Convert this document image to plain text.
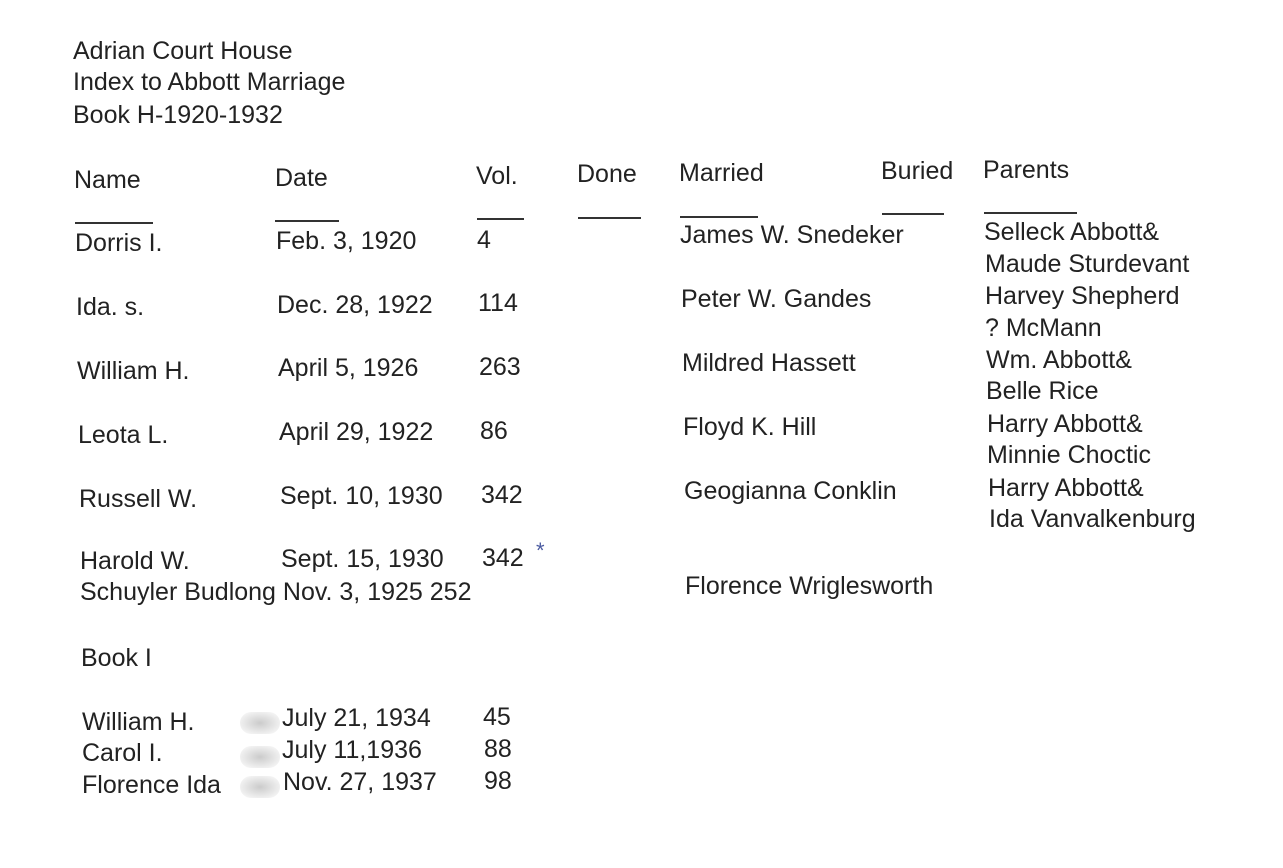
Adrian Court House
Index to Abbott Marriage
Book H-1920-1932
Name	Date	Vol. Done Married	Buried Parents
Dorris I.	Feb. 3, 1920 4	James W. Snedeker	Selleck Abbott&
Maude Sturdevant
Ida. s.	Dec. 28, 1922 114	Peter W. Gandes	Harvey Shepherd
? McMann
William H.	April 5, 1926 263	Mildred Hassett	Wm. Abbott&
Belle Rice
Leota L.	April 29, 1922 86	Floyd K. Hill	Harry Abbott&
Minnie Choctic
Russell W.	Sept. 10, 1930 342	Geogianna Conklin	Harry Abbott&
Ida Vanvalkenburg
Harold W.	Sept. 15, 1930 342 *
Schuyler Budlong Nov. 3, 1925 252	Florence Wriglesworth
Book I
William H.	July 21, 1934 45
Carol I.	July 11,1936 88
Florence Ida Nov. 27, 1937 98
